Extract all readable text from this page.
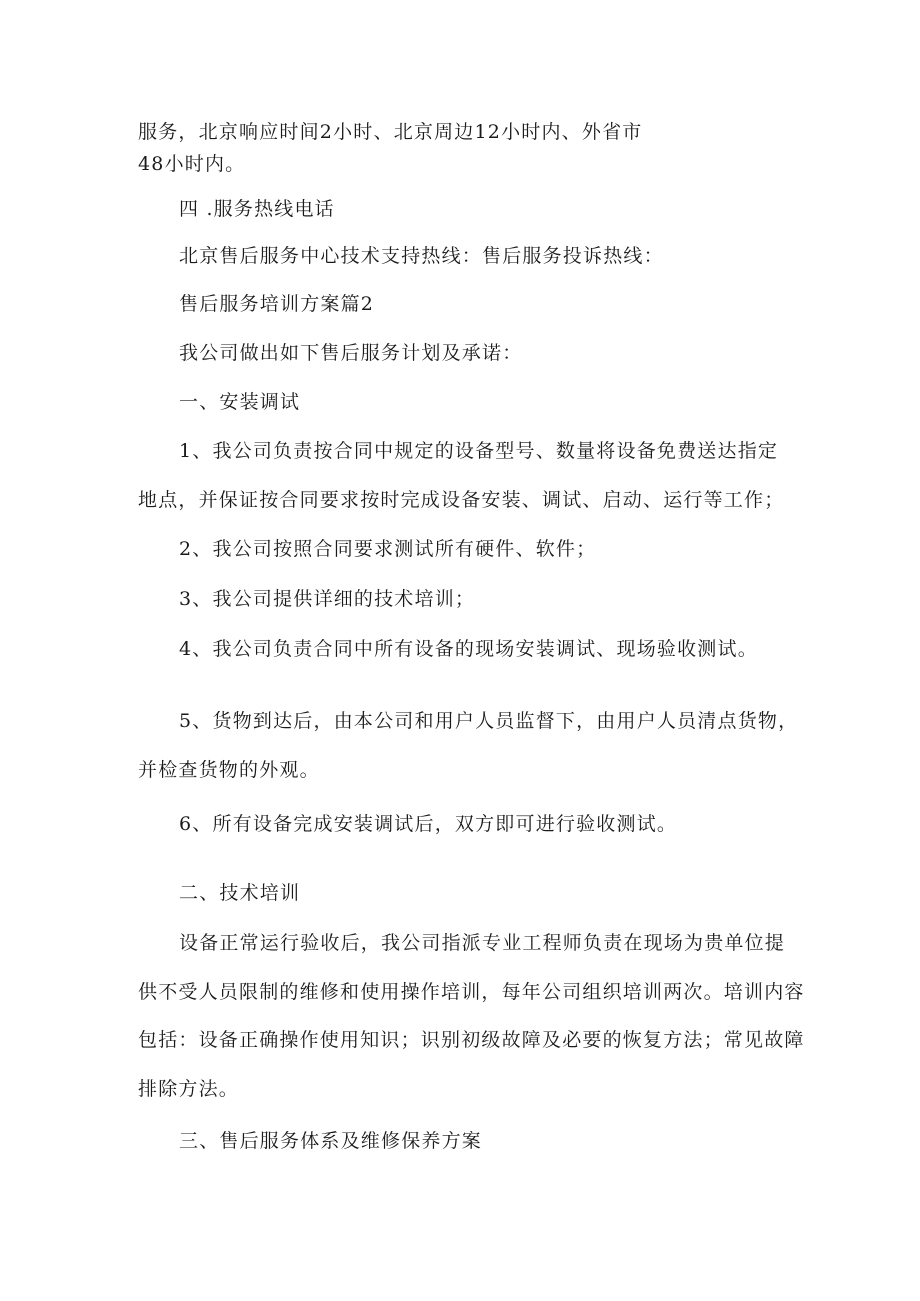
服务，北京响应时间2小时、北京周边12小时内、外省市
48小时内。
四 .服务热线电话
北京售后服务中心技术支持热线：售后服务投诉热线：
售后服务培训方案篇2
我公司做出如下售后服务计划及承诺：
一、安装调试
1、我公司负责按合同中规定的设备型号、数量将设备免费送达指定
地点，并保证按合同要求按时完成设备安装、调试、启动、运行等工作；
2、我公司按照合同要求测试所有硬件、软件；
3、我公司提供详细的技术培训；
4、我公司负责合同中所有设备的现场安装调试、现场验收测试。
5、货物到达后，由本公司和用户人员监督下，由用户人员清点货物，
并检查货物的外观。
6、所有设备完成安装调试后，双方即可进行验收测试。
二、技术培训
设备正常运行验收后，我公司指派专业工程师负责在现场为贵单位提
供不受人员限制的维修和使用操作培训，每年公司组织培训两次。培训内容
包括：设备正确操作使用知识；识别初级故障及必要的恢复方法；常见故障
排除方法。
三、售后服务体系及维修保养方案
